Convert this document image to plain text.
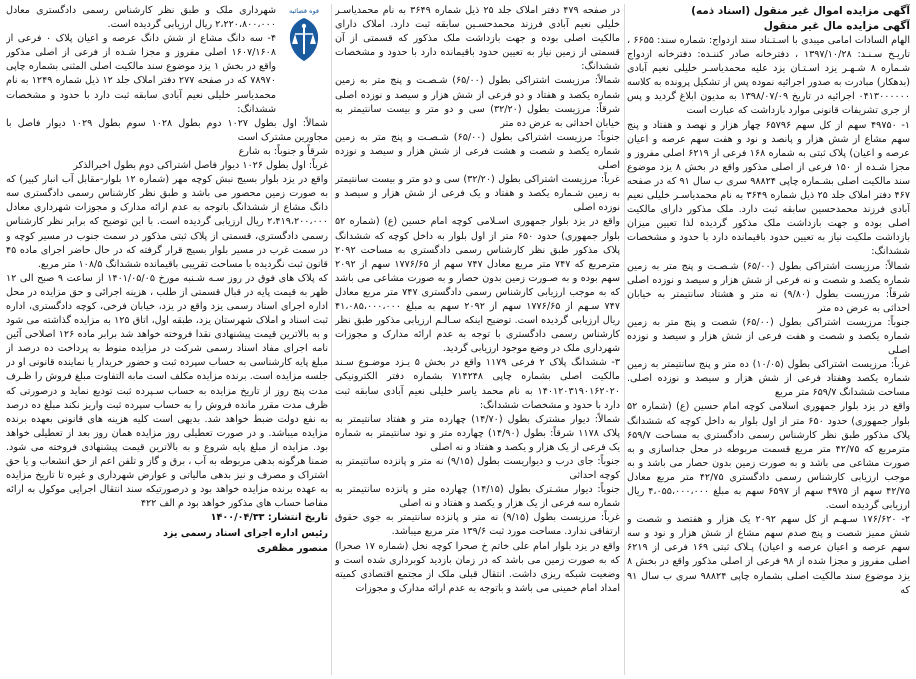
آگهی مزایده اموال غیر منقول (اسناد ذمه)
آگهی مزایده مال غیر منقول

الهام السادات امامی میبدی با اسـتـناد سند ازدواج: شماره سند: ۶۶۵۵ ، تاریـخ سـنـد: ۱۳۹۷/۱۰/۲۸ ، دفترخانه صادر کننـده: دفترخانه ازدواج شـماره ۸ شـهـر یزد اسـتـان یزد علیه محمدیاسـر خلیلی نعیم آبادی (بدهکار) مبادرت به صدور اجرائیه نموده پس از تشکیل پرونده به کلاسه ۰۴۱۳۰۰۰۰۰۰ اجرائیه در تاریخ ۱۳۹۸/۰۷/۰۹ به مدیون ابلاغ گردید و پس از جری تشریفات قانونی موارد بازداشت که عبارت است

۱- ۴۹۷۵۰ سهم از کل سهم ۶۵۷۹۶ چهار هزار و نهصد و هفتاد و پنج سهم مشاع از شش هزار و پانصد و نود و هفت سهم عرصه و اعیان عرصه و اعیان) پلاک ثبتی به شماره ۱۶۸ فرعی از ۶۲۱۹ اصلی مفروز و مجزا شـده از ۱۵۰ فرعی از اصلی مذکور واقع در بخش ۸ یزد موضوع سند مالکیت اصلی بشـماره چاپی ۹۸۸۲۴ سری ب سال ۹۱ که در صفحه ۴۶۷ دفتر املاک جلد ۲۵ ذیل شماره ۳۶۴۹ به نام محمدیاسـر خلیلی نعیم آبادی فرزند محمدحسین سابقه ثبت دارد. ملک مذکور دارای مالکیت اصلی بوده و جهت بازداشت ملک مذکور گردیده لذا تعیین میزان بازداشت ملکیت نیاز به تعیین حدود باقیمانده دارد با حدود و مشخصات ششدانگ:

شمالاً: مرزیست اشتراکی بطول (۶۵/۰۰) شـصـت و پنج متر به زمین شماره یکصد و شصت و نه فرعی از شش هزار و سیصد و نوزده اصلی شرقاً: مرزیست بطول (۹/۸۰) نه متر و هشتاد سانتیمتر به خیابان احداثی به عرض ده متر

جنوباً: مرزیست اشتراکی بطول (۶۵/۰۰) شصت و پنج متر به زمین شماره یکصد و شصت و هفت فرعی از شش هزار و سیصد و نوزده اصلی

غرباً: مرزیست اشتراکی بطول (۱۰/۰۵) ده متر و پنج سانتیمتر به زمین شماره یکصد وهفتاد فرعی از شش هزار و سیصد و نوزده اصلی. مساحت ششدانگ ۶۵۹/۷ متر مربع

واقع در یزد بلوار جمهوری اسلامی کوچه امام حسین (ع) (شماره ۵۲ بلوار جمهوری) حدود ۶۵۰ متر از اول بلوار به داخل کوچه که ششدانگ پلاک مذکور طبق نظر کارشناس رسمی دادگستری به مساحت ۶۵۹/۷ مترمربع که ۴۲/۷۵ متر مربع قسمت مربوطه در محل جداسازی و به صورت مشاعی می باشد و به صورت زمین بدون حصار می باشد و به موجب ارزیابی کارشناس رسمی دادگستری ۴۲/۷۵ متر مربع معادل ۴۲/۷۵ سهم از ۴۹۷۵ سهم از ۶۵۹۷ سهم به مبلغ ۴،۰۵۵،۰۰۰،۰۰۰ ریال ارزیابی گردیده است.

۲- ۱۷۶/۶۲۰ سـهـم از کل سهم ۲۰۹۲ یک هزار و هفتصد و شصت و شش ممیز شصت و پنج صدم سهم مشاع از شش هزار و نود و سه سهم عرصه و اعیان عرصه و اعیان) پـلاک ثبتی ۱۶۹ فرعی از ۶۲۱۹ اصلی مفروز و مجزا شده از ۹۸ فرعی از اصلی مذکور واقع در بخش ۸ یزد موضوع سند مالکیت اصلی بشماره چاپی ۹۸۸۲۴ سری ب سال ۹۱ که

در صفحه ۴۷۹ دفتر املاک جلد ۲۵ ذیل شماره ۳۶۴۹ به نام محمدیاسـر خلیلی نعیم آبادی فرزند محمدحسـین سابقه ثبت دارد. املاک دارای مالکیت اصلی بوده و جهت بازداشت ملک مذکور که قسمتی از آن قسمتی از زمین نیاز به تعیین حدود باقیمانده دارد با حدود و مشخصات ششدانگ:

شمالاً: مرزیست اشتراکی بطول (۶۵/۰۰) شـصـت و پنج متر به زمین شماره یکصد و هفتاد و دو فرعی از شش هزار و سیصد و نوزده اصلی شرقاً: مرزیست بطول (۳۲/۲۰) سی و دو متر و بیست سانتیمتر به خیابان احداثی به عرض ده متر

جنوباً: مرزیست اشتراکی بطول (۶۵/۰۰) شـصـت و پنج متر به زمین شماره یکصد و شصت و هشت فرعی از شش هزار و سیصد و نوزده اصلی

غرباً: مرزیست اشتراکی بطول (۳۲/۲۰) سی و دو متر و بیست سانتیمتر به زمین شـماره یکصد و هفتاد و یک فرعی از شش هزار و سیصد و نوزده اصلی

واقع در یزد بلوار جمهوری اسـلامی کوچه امام حسین (ع) (شماره ۵۲ بلوار جمهوری) حدود ۶۵۰ متر از اول بلوار به داخل کوچه که ششدانگ پلاک مذکور طبق نظر کارشناس رسمی دادگستری به مساحت ۲۰۹۲ مترمربع که ۷۴۷ متر مربع معادل ۷۴۷ سهم از ۱۷۷۶/۶۵ سهم از ۲۰۹۲ سهم بوده و به صـورت زمین بدون حصار و به صورت مشاعی می باشد که به موجب ارزیابی کارشناس رسمی دادگستری ۷۴۷ متر مربع معادل ۷۴۷ سـهم از ۱۷۷۶/۶۵ سهم از ۲۰۹۲ سهم به مبلغ ۴۱،۰۸۵،۰۰۰،۰۰۰ ریال ارزیابی گردیده است. توضیح اینکه سـالـم ارزیابی مذکور طبق نظر کارشناس رسمی دادگستری با توجه به عدم ارائه مدارک و مجوزات شهرداری ملک در وضع موجود ارزیابی گردید.

۳- ششدانگ پلاک ۲ فرعی ۱۱۷۹ واقع در بخش ۵ یـزد موضـوع سـند مالکیت اصلی بشماره چاپی ۷۱۴۲۴۸ بشماره دفتر الکترونیکی ۱۴۰۱۲۰۳۱۹۰۱۶۲۰۲۰ به نام محمد یاسر خلیلی نعیم آبادی سابقه ثبت دارد با حدود و مشخصات ششدانگ:

شمالاً: دیوار مشترک بطول (۱۴/۷۰) چهارده متر و هفتاد سانتیمتر به پلاک ۱۱۷۸ شرقاً: بطول (۱۴/۹۰) چهارده متر و نود سانتیمتر به شماره یک فرعی از یک هزار و یکصد و هفتاد و نه اصلی

جنوباً: جای درب و دیواریست بطول (۹/۱۵) نه متر و پانزده سانتیمتر به کوچه احداثی

جنوباً: دیوار مشـترک بطول (۱۴/۱۵) چهارده متر و پانزده سانتیمتر به شماره سه فرعی از یک هزار و یکصد و هفتاد و نه اصلی

غرباً: مرزیست بطول (۹/۱۵) نه متر و پانزده سانتیمتر به جوی حقوق ارتفاقی ندارد. مساحت مورد ثبت ۱۳۹/۶ متر مربع میباشد.

واقع در یزد بلوار امام علی خاتم خ صحرا کوچه نخل (شماره ۱۷ صحرا) که به صورت زمین می باشد که در زمان بازدید کوبرداری شده است و وضعیت شبکه ریزی داشت. انتقال قبلی ملک از مجتمع اقتصادی کمیته امداد امام خمینی می باشد و باتوجه به عدم ارائه مدارک و مجوزات

قوه قضائیه

شهرداری ملک و طبق نظر کارشناس رسمی دادگستری معادل ۲،۲۲۰،۸۰۰،۰۰۰ ریال ارزیابی گردیده است.

۴- سه دانگ مشاع از شش دانگ عرصه و اعیان پلاک ۰ فرعی از ۱۶۰۷/۱۶۰۸ اصلی مفروز و مجزا شـده از فرعی از اصلی مذکور واقع در بخش ۱ یزد موضوع سند مالکیت اصلی المثنی بشماره چاپی ۷۸۹۷۰ که در صفحه ۲۷۷ دفتر املاک جلد ۱۲ ذیل شماره ۱۲۴۹ به نام محمدیاسر خلیلی نعیم آبادی سابقه ثبت دارد با حدود و مشخصات ششدانگ:

شمالاً: اول بطول ۱۰۲۷ دوم بطول ۱۰۲۸ سوم بطول ۱۰۲۹ دیوار فاصل با مجاورین مشترک است

شرقاً و جنوباً: به شارع

غرباً: اول بطول ۱۰۲۶ دیوار فاصل اشتراکی دوم بطول اخیرالذکر

واقع در یزد بلوار بسیج نبش کوچه مهر (شماره ۱۲ بلوار-مقابل آب انبار کبیر) که به صورت زمین محصور می باشد و طبق نظر کارشناس رسمی دادگستری سه دانگ مشاع از ششدانگ باتوجه به عدم ارائه مدارک و مجوزات شهرداری معادل ۲،۴۱۹،۲۰۰،۰۰۰ ریال ارزیابی گردیده است. با این توضیح که برابر نظر کارشناس رسمی دادگستری، قسمتی از پلاک ثبتی مذکور در سمت جنوب در مسیر کوچه و در سمت غرب در مسیر بلوار بسیج قرار گرفته که در حال حاضر اجرای ماده ۴۵ قانون ثبت نگردیده با مساحت تقریبی باقیمانده ششدانگ ۱۰۸/۵ متر مربع.

که پلاک های فوق در روز سـه شـنبه مورخ ۱۴۰۱/۰۵/۰۵ از ساعت ۹ صبح الی ۱۲ ظهر به قیمت پایه در قبال قسمتی از طلب ، هزینه اجرائی و حق مزایده در محل اداره اجرای اسناد رسمی یزد واقع در یزد، خیابان فرخی، کوچه دادگستری، اداره ثبت اسناد و املاک شهرستان یزد، طبقه اول، اتاق ۱۲۵ به مزایده گذاشته می شود و به بالاترین قیمت پیشنهادی نقدا فروخته خواهد شد برابر ماده ۱۲۶ اصلاحی آئین نامه اجرای مفاد اسناد رسمی شرکت در مزایده منوط به پرداخت ده درصد از مبلغ پایه کارشناسی به حساب سپرده ثبت و حضور خریدار یا نماینده قانونی او در جلسه مزایده است. برنده مزایده مکلف است مابه التفاوت مبلغ فروش را ظـرف مدت پنج روز از تاریخ مزایده به حساب سـپرده ثبت تودیع نماید و درصورتی که ظرف مدت مقرر مانده فروش را به حساب سپرده ثبت واریز نکند مبلغ ده درصد به نفع دولت ضبط خواهد شد. بدیهی است کلیه هزینه های قانونی بعهده برنده مزایده میباشد. و در صورت تعطیلی روز مزایده همان روز بعد از تعطیلی خواهد بود. مزایده از مبلغ پایه شروع و به بالاترین قیمت پیشنهادی فروخته می شود. ضمنا هرگونه بدهی مربوطه به آب ، برق و گاز و تلفن اعم از حق انشعاب و یا حق اشتراک و مصرف و نیز بدهی مالیاتی و عوارض شهرداری و غیره تا تاریخ مزایده به عهده برنده مزایده خواهد بود و درصورتیکه سند انتقال اجرایی موکول به ارائه مفاصا حساب های مذکور خواهد بود م الف ۴۲۲

تاریخ انتشار: ۱۴۰۰/۰۴/۳۳

رئیس اداره اجرای اسناد رسمی یزد
منصور مظفری
